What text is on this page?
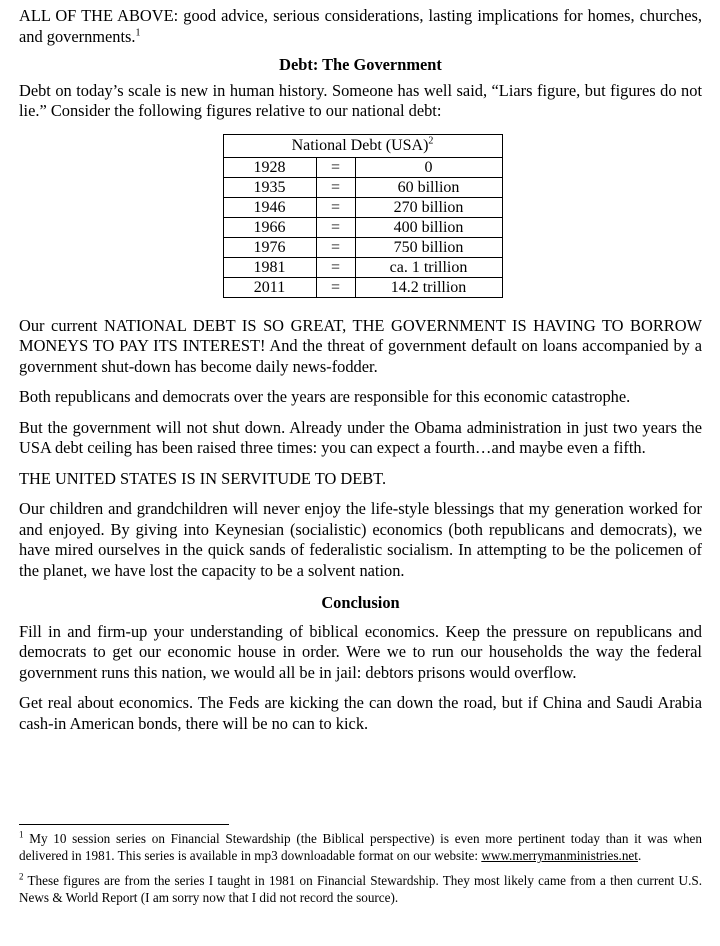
ALL OF THE ABOVE: good advice, serious considerations, lasting implications for homes, churches, and governments.$^1$

Debt: The Government

Debt on today’s scale is new in human history. Someone has well said, “Liars figure, but figures do not lie.” Consider the following figures relative to our national debt:

National Debt (USA)$^2$
1928	=	0
1935	=	60 billion
1946	=	270 billion
1966	=	400 billion
1976	=	750 billion
1981	=	ca. 1 trillion
2011	=	14.2 trillion

Our current NATIONAL DEBT IS SO GREAT, THE GOVERNMENT IS HAVING TO BORROW MONEYS TO PAY ITS INTEREST! And the threat of government default on loans accompanied by a government shut-down has become daily news-fodder.

Both republicans and democrats over the years are responsible for this economic catastrophe.

But the government will not shut down. Already under the Obama administration in just two years the USA debt ceiling has been raised three times: you can expect a fourth…and maybe even a fifth.

THE UNITED STATES IS IN SERVITUDE TO DEBT.

Our children and grandchildren will never enjoy the life-style blessings that my generation worked for and enjoyed. By giving into Keynesian (socialistic) economics (both republicans and democrats), we have mired ourselves in the quick sands of federalistic socialism. In attempting to be the policemen of the planet, we have lost the capacity to be a solvent nation.

Conclusion

Fill in and firm-up your understanding of biblical economics. Keep the pressure on republicans and democrats to get our economic house in order. Were we to run our households the way the federal government runs this nation, we would all be in jail: debtors prisons would overflow.

Get real about economics. The Feds are kicking the can down the road, but if China and Saudi Arabia cash-in American bonds, there will be no can to kick.

$^1$ My 10 session series on Financial Stewardship (the Biblical perspective) is even more pertinent today than it was when delivered in 1981. This series is available in mp3 downloadable format on our website: www.merrymanministries.net.

$^2$ These figures are from the series I taught in 1981 on Financial Stewardship. They most likely came from a then current U.S. News & World Report (I am sorry now that I did not record the source).
